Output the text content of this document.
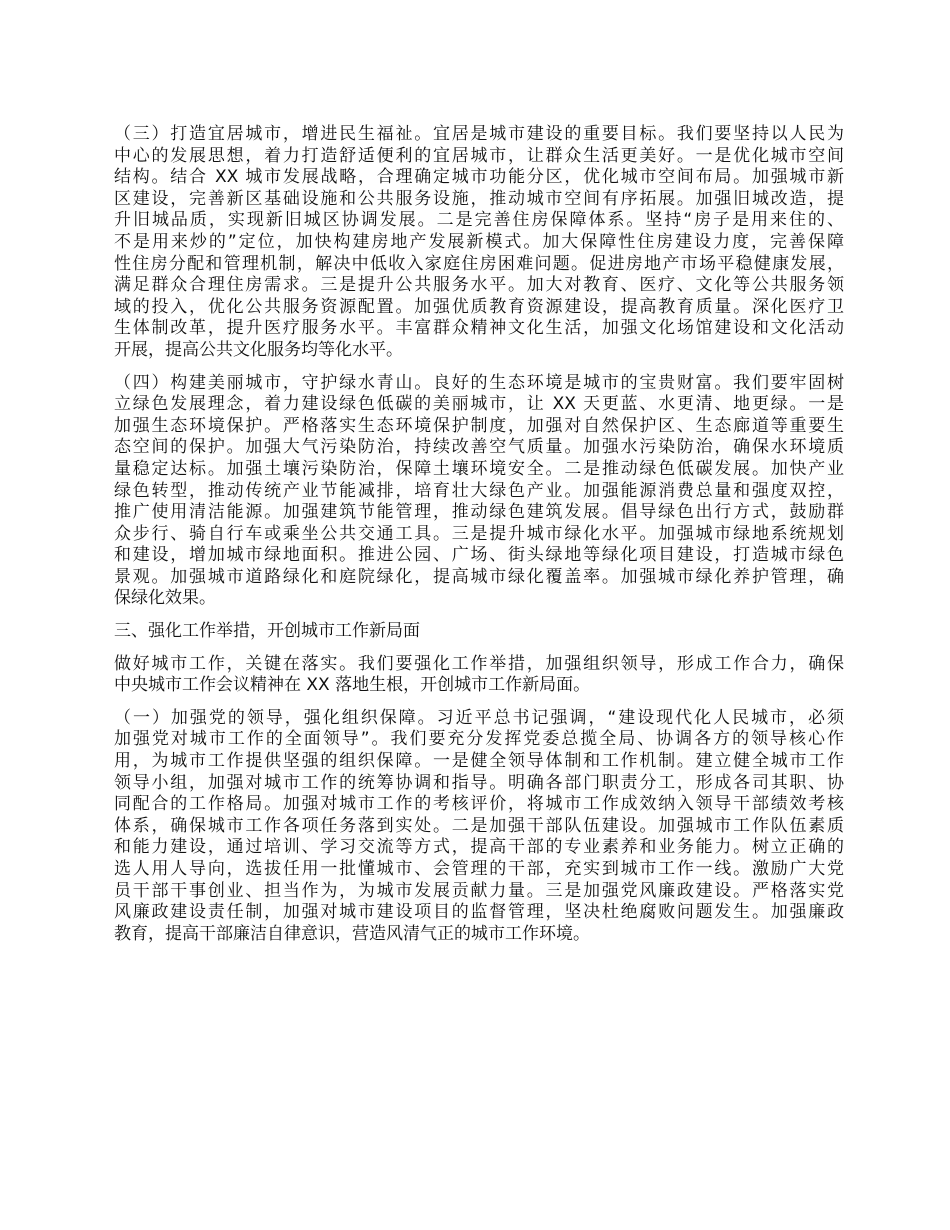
（三）打造宜居城市，增进民生福祉。宜居是城市建设的重要目标。我们要坚持以人民为
中心的发展思想，着力打造舒适便利的宜居城市，让群众生活更美好。一是优化城市空间
结构。结合 XX 城市发展战略，合理确定城市功能分区，优化城市空间布局。加强城市新
区建设，完善新区基础设施和公共服务设施，推动城市空间有序拓展。加强旧城改造，提
升旧城品质，实现新旧城区协调发展。二是完善住房保障体系。坚持“房子是用来住的、
不是用来炒的”定位，加快构建房地产发展新模式。加大保障性住房建设力度，完善保障
性住房分配和管理机制，解决中低收入家庭住房困难问题。促进房地产市场平稳健康发展，
满足群众合理住房需求。三是提升公共服务水平。加大对教育、医疗、文化等公共服务领
域的投入，优化公共服务资源配置。加强优质教育资源建设，提高教育质量。深化医疗卫
生体制改革，提升医疗服务水平。丰富群众精神文化生活，加强文化场馆建设和文化活动
开展，提高公共文化服务均等化水平。
（四）构建美丽城市，守护绿水青山。良好的生态环境是城市的宝贵财富。我们要牢固树
立绿色发展理念，着力建设绿色低碳的美丽城市，让 XX 天更蓝、水更清、地更绿。一是
加强生态环境保护。严格落实生态环境保护制度，加强对自然保护区、生态廊道等重要生
态空间的保护。加强大气污染防治，持续改善空气质量。加强水污染防治，确保水环境质
量稳定达标。加强土壤污染防治，保障土壤环境安全。二是推动绿色低碳发展。加快产业
绿色转型，推动传统产业节能减排，培育壮大绿色产业。加强能源消费总量和强度双控，
推广使用清洁能源。加强建筑节能管理，推动绿色建筑发展。倡导绿色出行方式，鼓励群
众步行、骑自行车或乘坐公共交通工具。三是提升城市绿化水平。加强城市绿地系统规划
和建设，增加城市绿地面积。推进公园、广场、街头绿地等绿化项目建设，打造城市绿色
景观。加强城市道路绿化和庭院绿化，提高城市绿化覆盖率。加强城市绿化养护管理，确
保绿化效果。
三、强化工作举措，开创城市工作新局面
做好城市工作，关键在落实。我们要强化工作举措，加强组织领导，形成工作合力，确保
中央城市工作会议精神在 XX 落地生根，开创城市工作新局面。
（一）加强党的领导，强化组织保障。习近平总书记强调，“建设现代化人民城市，必须
加强党对城市工作的全面领导”。我们要充分发挥党委总揽全局、协调各方的领导核心作
用，为城市工作提供坚强的组织保障。一是健全领导体制和工作机制。建立健全城市工作
领导小组，加强对城市工作的统筹协调和指导。明确各部门职责分工，形成各司其职、协
同配合的工作格局。加强对城市工作的考核评价，将城市工作成效纳入领导干部绩效考核
体系，确保城市工作各项任务落到实处。二是加强干部队伍建设。加强城市工作队伍素质
和能力建设，通过培训、学习交流等方式，提高干部的专业素养和业务能力。树立正确的
选人用人导向，选拔任用一批懂城市、会管理的干部，充实到城市工作一线。激励广大党
员干部干事创业、担当作为，为城市发展贡献力量。三是加强党风廉政建设。严格落实党
风廉政建设责任制，加强对城市建设项目的监督管理，坚决杜绝腐败问题发生。加强廉政
教育，提高干部廉洁自律意识，营造风清气正的城市工作环境。
